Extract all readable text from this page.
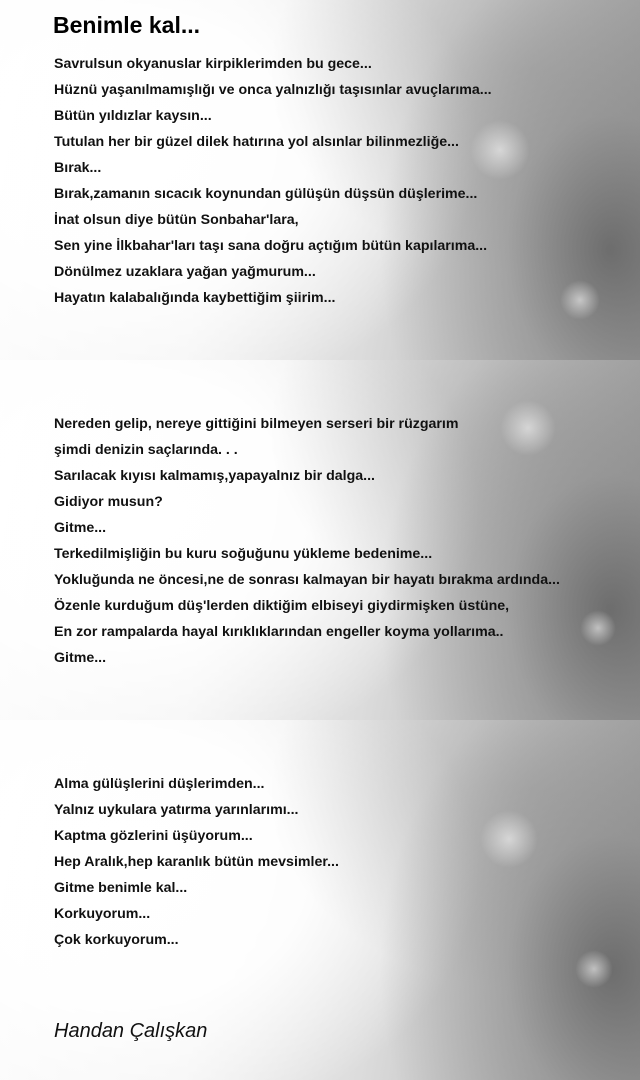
Benimle kal...
Savrulsun okyanuslar kirpiklerimden bu gece...
Hüznü yaşanılmamışlığı ve onca yalnızlığı taşısınlar avuçlarıma...
Bütün yıldızlar kaysın...
Tutulan her bir güzel dilek hatırına yol alsınlar bilinmezliğe...
Bırak...
Bırak,zamanın sıcacık koynundan gülüşün düşsün düşlerime...
İnat olsun diye bütün Sonbahar'lara,
Sen yine İlkbahar'ları taşı sana doğru açtığım bütün kapılarıma...
Dönülmez uzaklara yağan yağmurum...
Hayatın kalabalığında kaybettiğim şiirim...
Nereden gelip, nereye gittiğini bilmeyen serseri bir rüzgarım
şimdi denizin saçlarında. . .
Sarılacak kıyısı kalmamış,yapayalnız bir dalga...
Gidiyor musun?
Gitme...
Terkedilmişliğin bu kuru soğuğunu yükleme bedenime...
Yokluğunda ne öncesi,ne de sonrası kalmayan bir hayatı bırakma ardında...
Özenle kurduğum düş'lerden diktiğim elbiseyi giydirmişken üstüne,
En zor rampalarda hayal kırıklıklarından engeller koyma yollarıma..
Gitme...
Alma gülüşlerini düşlerimden...
Yalnız uykulara yatırma yarınlarımı...
Kaptma gözlerini üşüyorum...
Hep Aralık,hep karanlık bütün mevsimler...
Gitme benimle kal...
Korkuyorum...
Çok korkuyorum...

Handan Çalışkan
